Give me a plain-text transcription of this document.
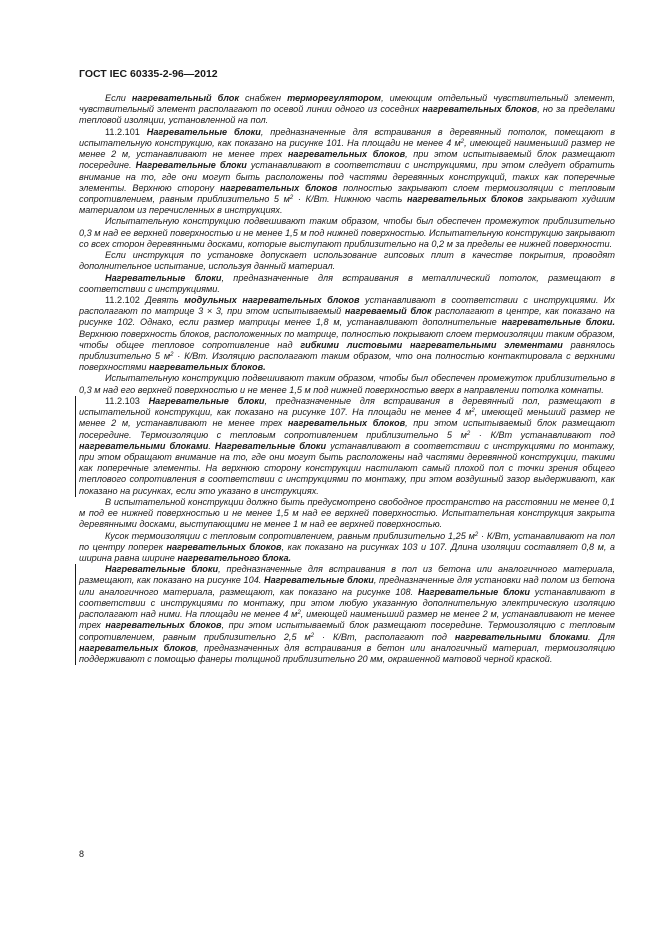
ГОСТ IEC 60335-2-96—2012

Если нагревательный блок снабжен терморегулятором, имеющим отдельный чувствительный элемент, чувствительный элемент располагают по осевой линии одного из соседних нагревательных блоков, но за пределами тепловой изоляции, установленной на пол.

11.2.101 Нагревательные блоки, предназначенные для встраивания в деревянный потолок, помещают в испытательную конструкцию, как показано на рисунке 101. На площади не менее 4 $м^2$, имеющей наименьший размер не менее 2 м, устанавливают не менее трех нагревательных блоков, при этом испытываемый блок размещают посередине. Нагревательные блоки устанавливают в соответствии с инструкциями, при этом следует обратить внимание на то, где они могут быть расположены под частями деревянных конструкций, таких как поперечные элементы. Верхнюю сторону нагревательных блоков полностью закрывают слоем термоизоляции с тепловым сопротивлением, равным приблизительно 5 $м^2 \cdot К/Вт$. Нижнюю часть нагревательных блоков закрывают худшим материалом из перечисленных в инструкциях.

Испытательную конструкцию подвешивают таким образом, чтобы был обеспечен промежуток приблизительно 0,3 м над ее верхней поверхностью и не менее 1,5 м под нижней поверхностью. Испытательную конструкцию закрывают со всех сторон деревянными досками, которые выступают приблизительно на 0,2 м за пределы ее нижней поверхности.

Если инструкция по установке допускает использование гипсовых плит в качестве покрытия, проводят дополнительное испытание, используя данный материал.

Нагревательные блоки, предназначенные для встраивания в металлический потолок, размещают в соответствии с инструкциями.

11.2.102 Девять модульных нагревательных блоков устанавливают в соответствии с инструкциями. Их располагают по матрице 3 × 3, при этом испытываемый нагреваемый блок располагают в центре, как показано на рисунке 102. Однако, если размер матрицы менее 1,8 м, устанавливают дополнительные нагревательные блоки. Верхнюю поверхность блоков, расположенных по матрице, полностью покрывают слоем термоизоляции таким образом, чтобы общее тепловое сопротивление над гибкими листовыми нагревательными элементами равнялось приблизительно 5 $м^2 \cdot К/Вт$. Изоляцию располагают таким образом, что она полностью контактировала с верхними поверхностями нагревательных блоков.

Испытательную конструкцию подвешивают таким образом, чтобы был обеспечен промежуток приблизительно в 0,3 м над его верхней поверхностью и не менее 1,5 м под нижней поверхностью вверх в направлении потолка комнаты.

11.2.103 Нагревательные блоки, предназначенные для встраивания в деревянный пол, размещают в испытательной конструкции, как показано на рисунке 107. На площади не менее 4 $м^2$, имеющей меньший размер не менее 2 м, устанавливают не менее трех нагревательных блоков, при этом испытываемый блок размещают посередине. Термоизоляцию с тепловым сопротивлением приблизительно 5 $м^2 \cdot К/Вт$ устанавливают под нагревательными блоками. Нагревательные блоки устанавливают в соответствии с инструкциями по монтажу, при этом обращают внимание на то, где они могут быть расположены над частями деревянной конструкции, такими как поперечные элементы. На верхнюю сторону конструкции настилают самый плохой пол с точки зрения общего теплового сопротивления в соответствии с инструкциями по монтажу, при этом воздушный зазор выдерживают, как показано на рисунках, если это указано в инструкциях.

В испытательной конструкции должно быть предусмотрено свободное пространство на расстоянии не менее 0,1 м под ее нижней поверхностью и не менее 1,5 м над ее верхней поверхностью. Испытательная конструкция закрыта деревянными досками, выступающими не менее 1 м над ее верхней поверхностью.

Кусок термоизоляции с тепловым сопротивлением, равным приблизительно 1,25 $м^2 \cdot К/Вт$, устанавливают на пол по центру поперек нагревательных блоков, как показано на рисунках 103 и 107. Длина изоляции составляет 0,8 м, а ширина равна ширине нагревательного блока.

Нагревательные блоки, предназначенные для встраивания в пол из бетона или аналогичного материала, размещают, как показано на рисунке 104. Нагревательные блоки, предназначенные для установки над полом из бетона или аналогичного материала, размещают, как показано на рисунке 108. Нагревательные блоки устанавливают в соответствии с инструкциями по монтажу, при этом любую указанную дополнительную электрическую изоляцию располагают над ними. На площади не менее 4 $м^2$, имеющей наименьший размер не менее 2 м, устанавливают не менее трех нагревательных блоков, при этом испытываемый блок размещают посередине. Термоизоляцию с тепловым сопротивлением, равным приблизительно 2,5 $м^2 \cdot К/Вт$, располагают под нагревательными блоками. Для нагревательных блоков, предназначенных для встраивания в бетон или аналогичный материал, термоизоляцию поддерживают с помощью фанеры толщиной приблизительно 20 мм, окрашенной матовой черной краской.

8
